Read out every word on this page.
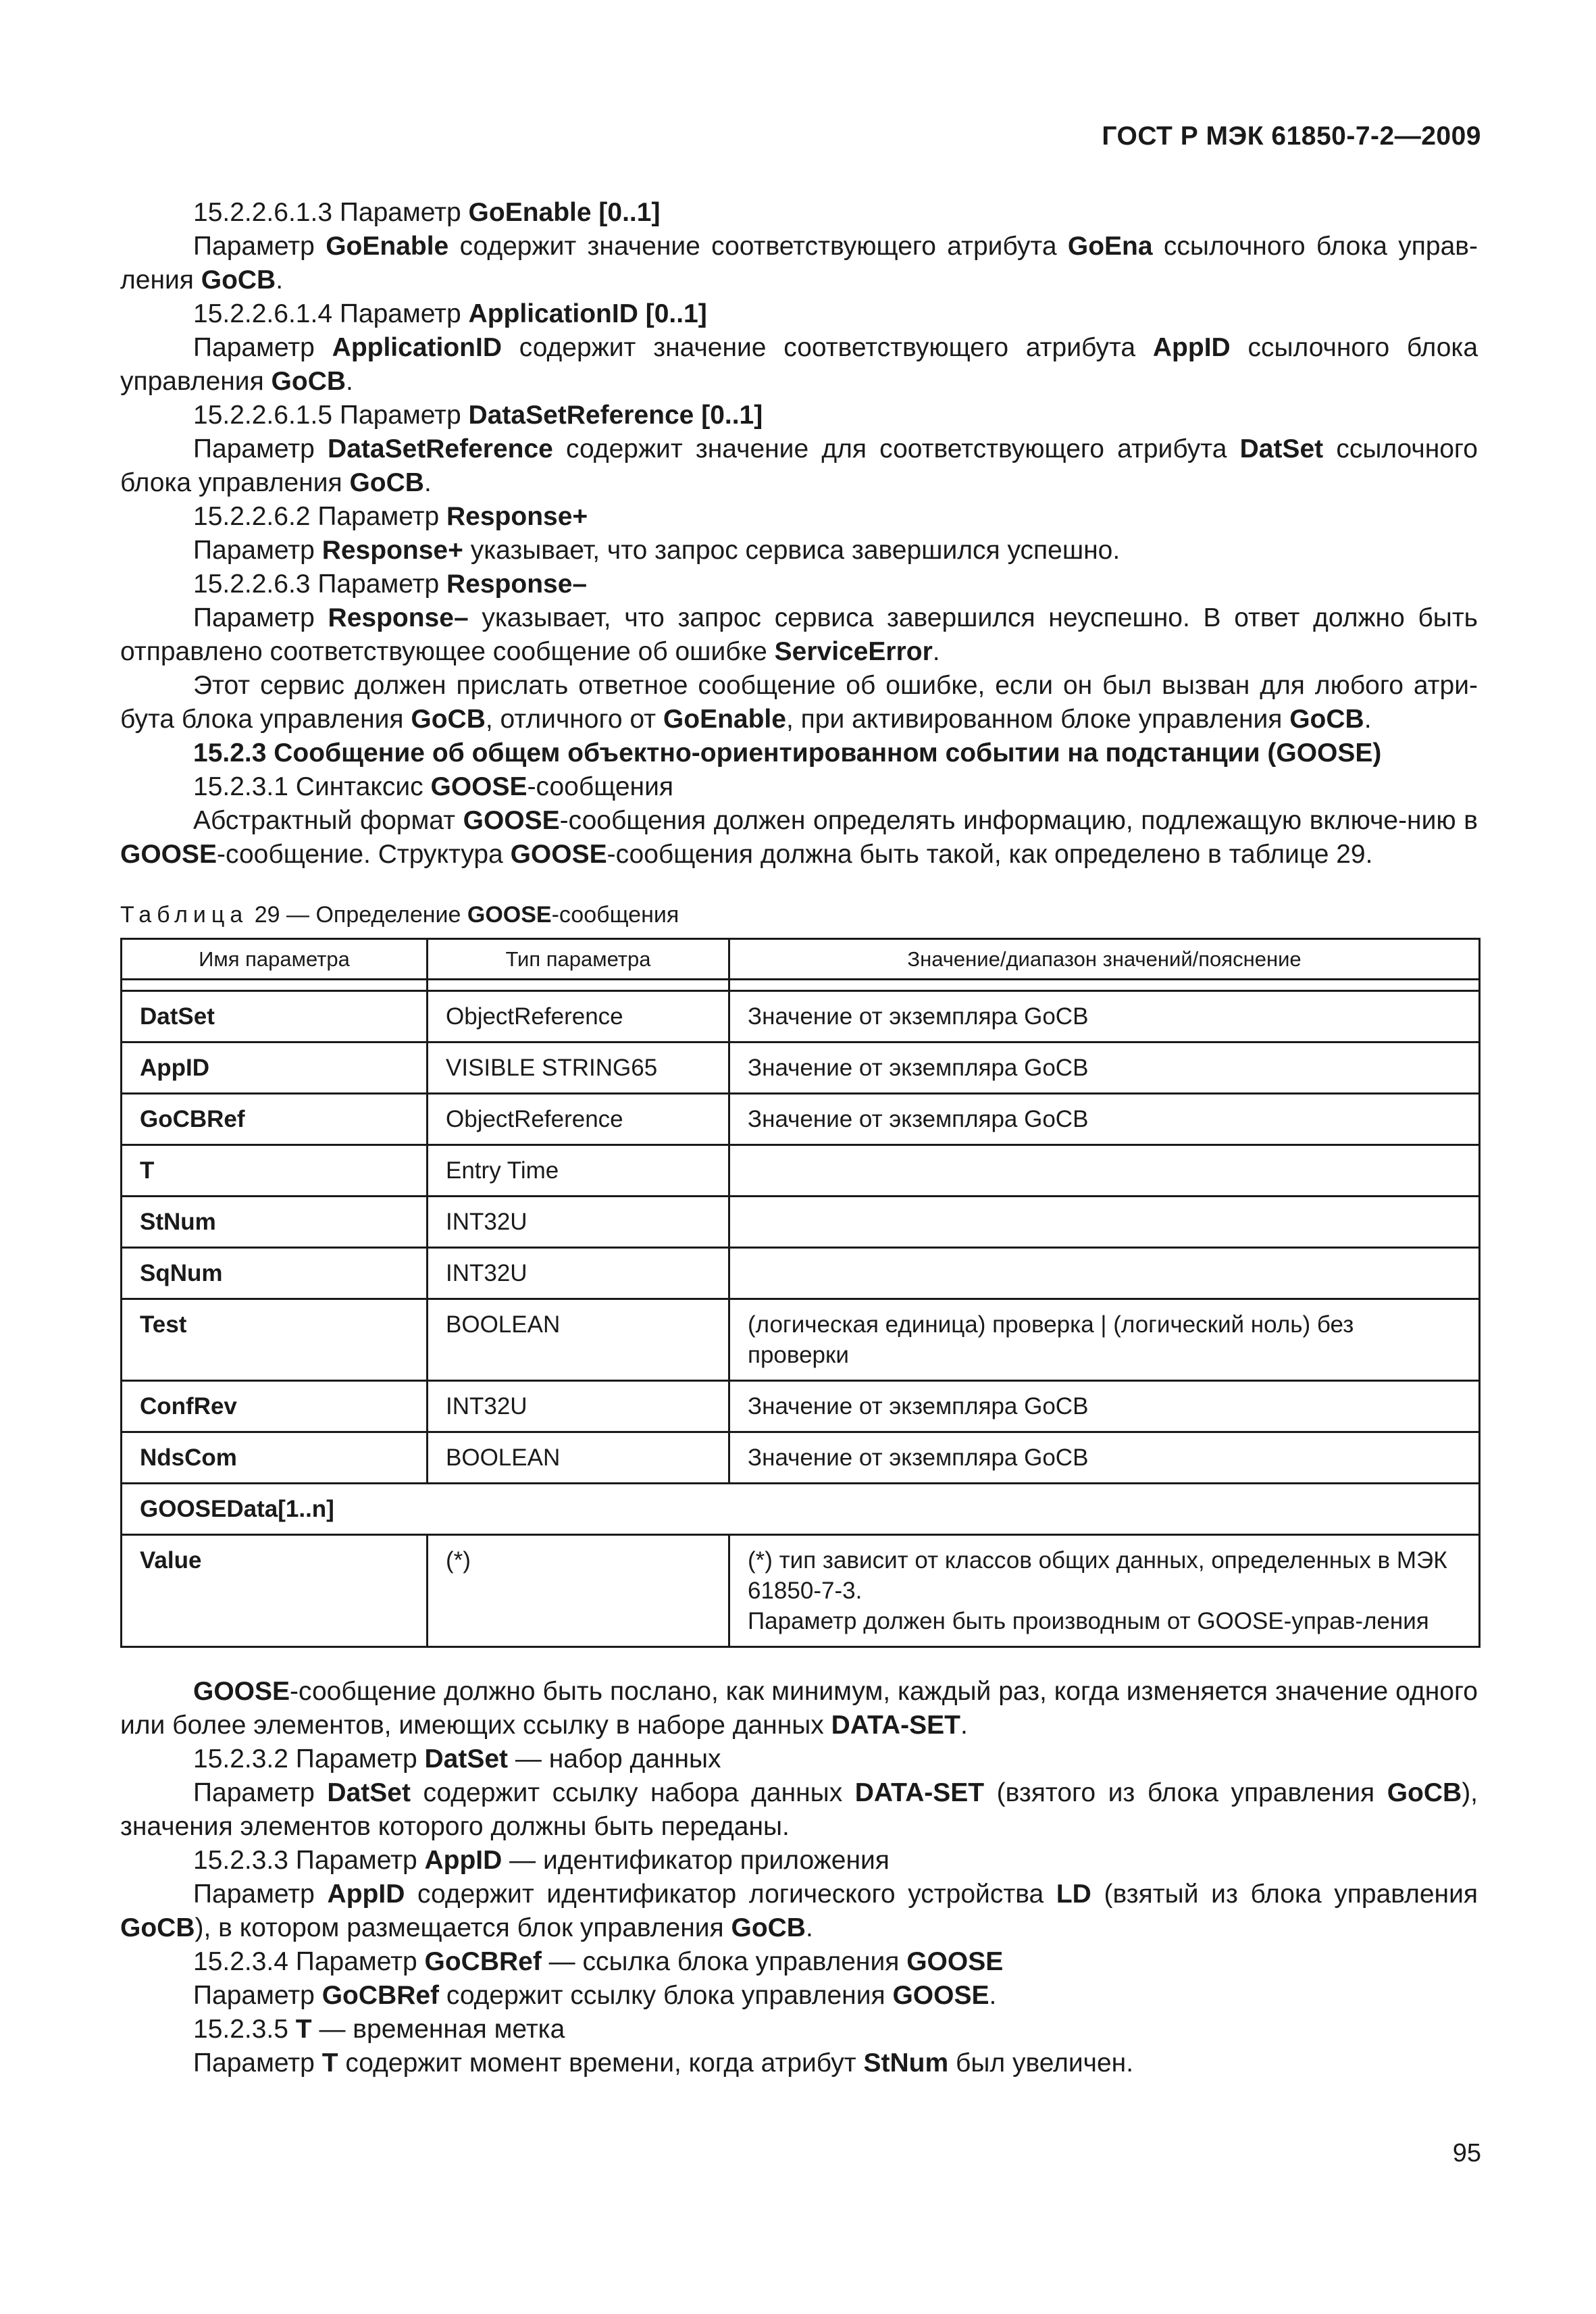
ГОСТ Р МЭК 61850-7-2—2009

15.2.2.6.1.3 Параметр GoEnable [0..1]

Параметр GoEnable содержит значение соответствующего атрибута GoEna ссылочного блока управ-ления GoCB.

15.2.2.6.1.4 Параметр ApplicationID [0..1]

Параметр ApplicationID содержит значение соответствующего атрибута AppID ссылочного блока управления GoCB.

15.2.2.6.1.5 Параметр DataSetReference [0..1]

Параметр DataSetReference содержит значение для соответствующего атрибута DatSet ссылочного блока управления GoCB.

15.2.2.6.2 Параметр Response+

Параметр Response+ указывает, что запрос сервиса завершился успешно.

15.2.2.6.3 Параметр Response–

Параметр Response– указывает, что запрос сервиса завершился неуспешно. В ответ должно быть отправлено соответствующее сообщение об ошибке ServiceError.

Этот сервис должен прислать ответное сообщение об ошибке, если он был вызван для любого атри-бута блока управления GoCB, отличного от GoEnable, при активированном блоке управления GoCB.

15.2.3 Сообщение об общем объектно-ориентированном событии на подстанции (GOOSE)

15.2.3.1 Синтаксис GOOSE-сообщения

Абстрактный формат GOOSE-сообщения должен определять информацию, подлежащую включе-нию в GOOSE-сообщение. Структура GOOSE-сообщения должна быть такой, как определено в таблице 29.

Таблица 29 — Определение GOOSE-сообщения
Имя параметра	Тип параметра	Значение/диапазон значений/пояснение

DatSet	ObjectReference	Значение от экземпляра GoCB
AppID	VISIBLE STRING65	Значение от экземпляра GoCB
GoCBRef	ObjectReference	Значение от экземпляра GoCB
T	Entry Time	
StNum	INT32U	
SqNum	INT32U	
Test	BOOLEAN	(логическая единица) проверка | (логический ноль) без проверки
ConfRev	INT32U	Значение от экземпляра GoCB
NdsCom	BOOLEAN	Значение от экземпляра GoCB
GOOSEData[1..n]		
Value	(*)	(*) тип зависит от классов общих данных, определенных в МЭК 61850-7-3.
Параметр должен быть производным от GOOSE-управ-ления

GOOSE-сообщение должно быть послано, как минимум, каждый раз, когда изменяется значение одного или более элементов, имеющих ссылку в наборе данных DATA-SET.

15.2.3.2 Параметр DatSet — набор данных

Параметр DatSet содержит ссылку набора данных DATA-SET (взятого из блока управления GoCB), значения элементов которого должны быть переданы.

15.2.3.3 Параметр AppID — идентификатор приложения

Параметр AppID содержит идентификатор логического устройства LD (взятый из блока управления GoCB), в котором размещается блок управления GoCB.

15.2.3.4 Параметр GoCBRef — ссылка блока управления GOOSE

Параметр GoCBRef содержит ссылку блока управления GOOSE.

15.2.3.5 T — временная метка

Параметр T содержит момент времени, когда атрибут StNum был увеличен.

95
